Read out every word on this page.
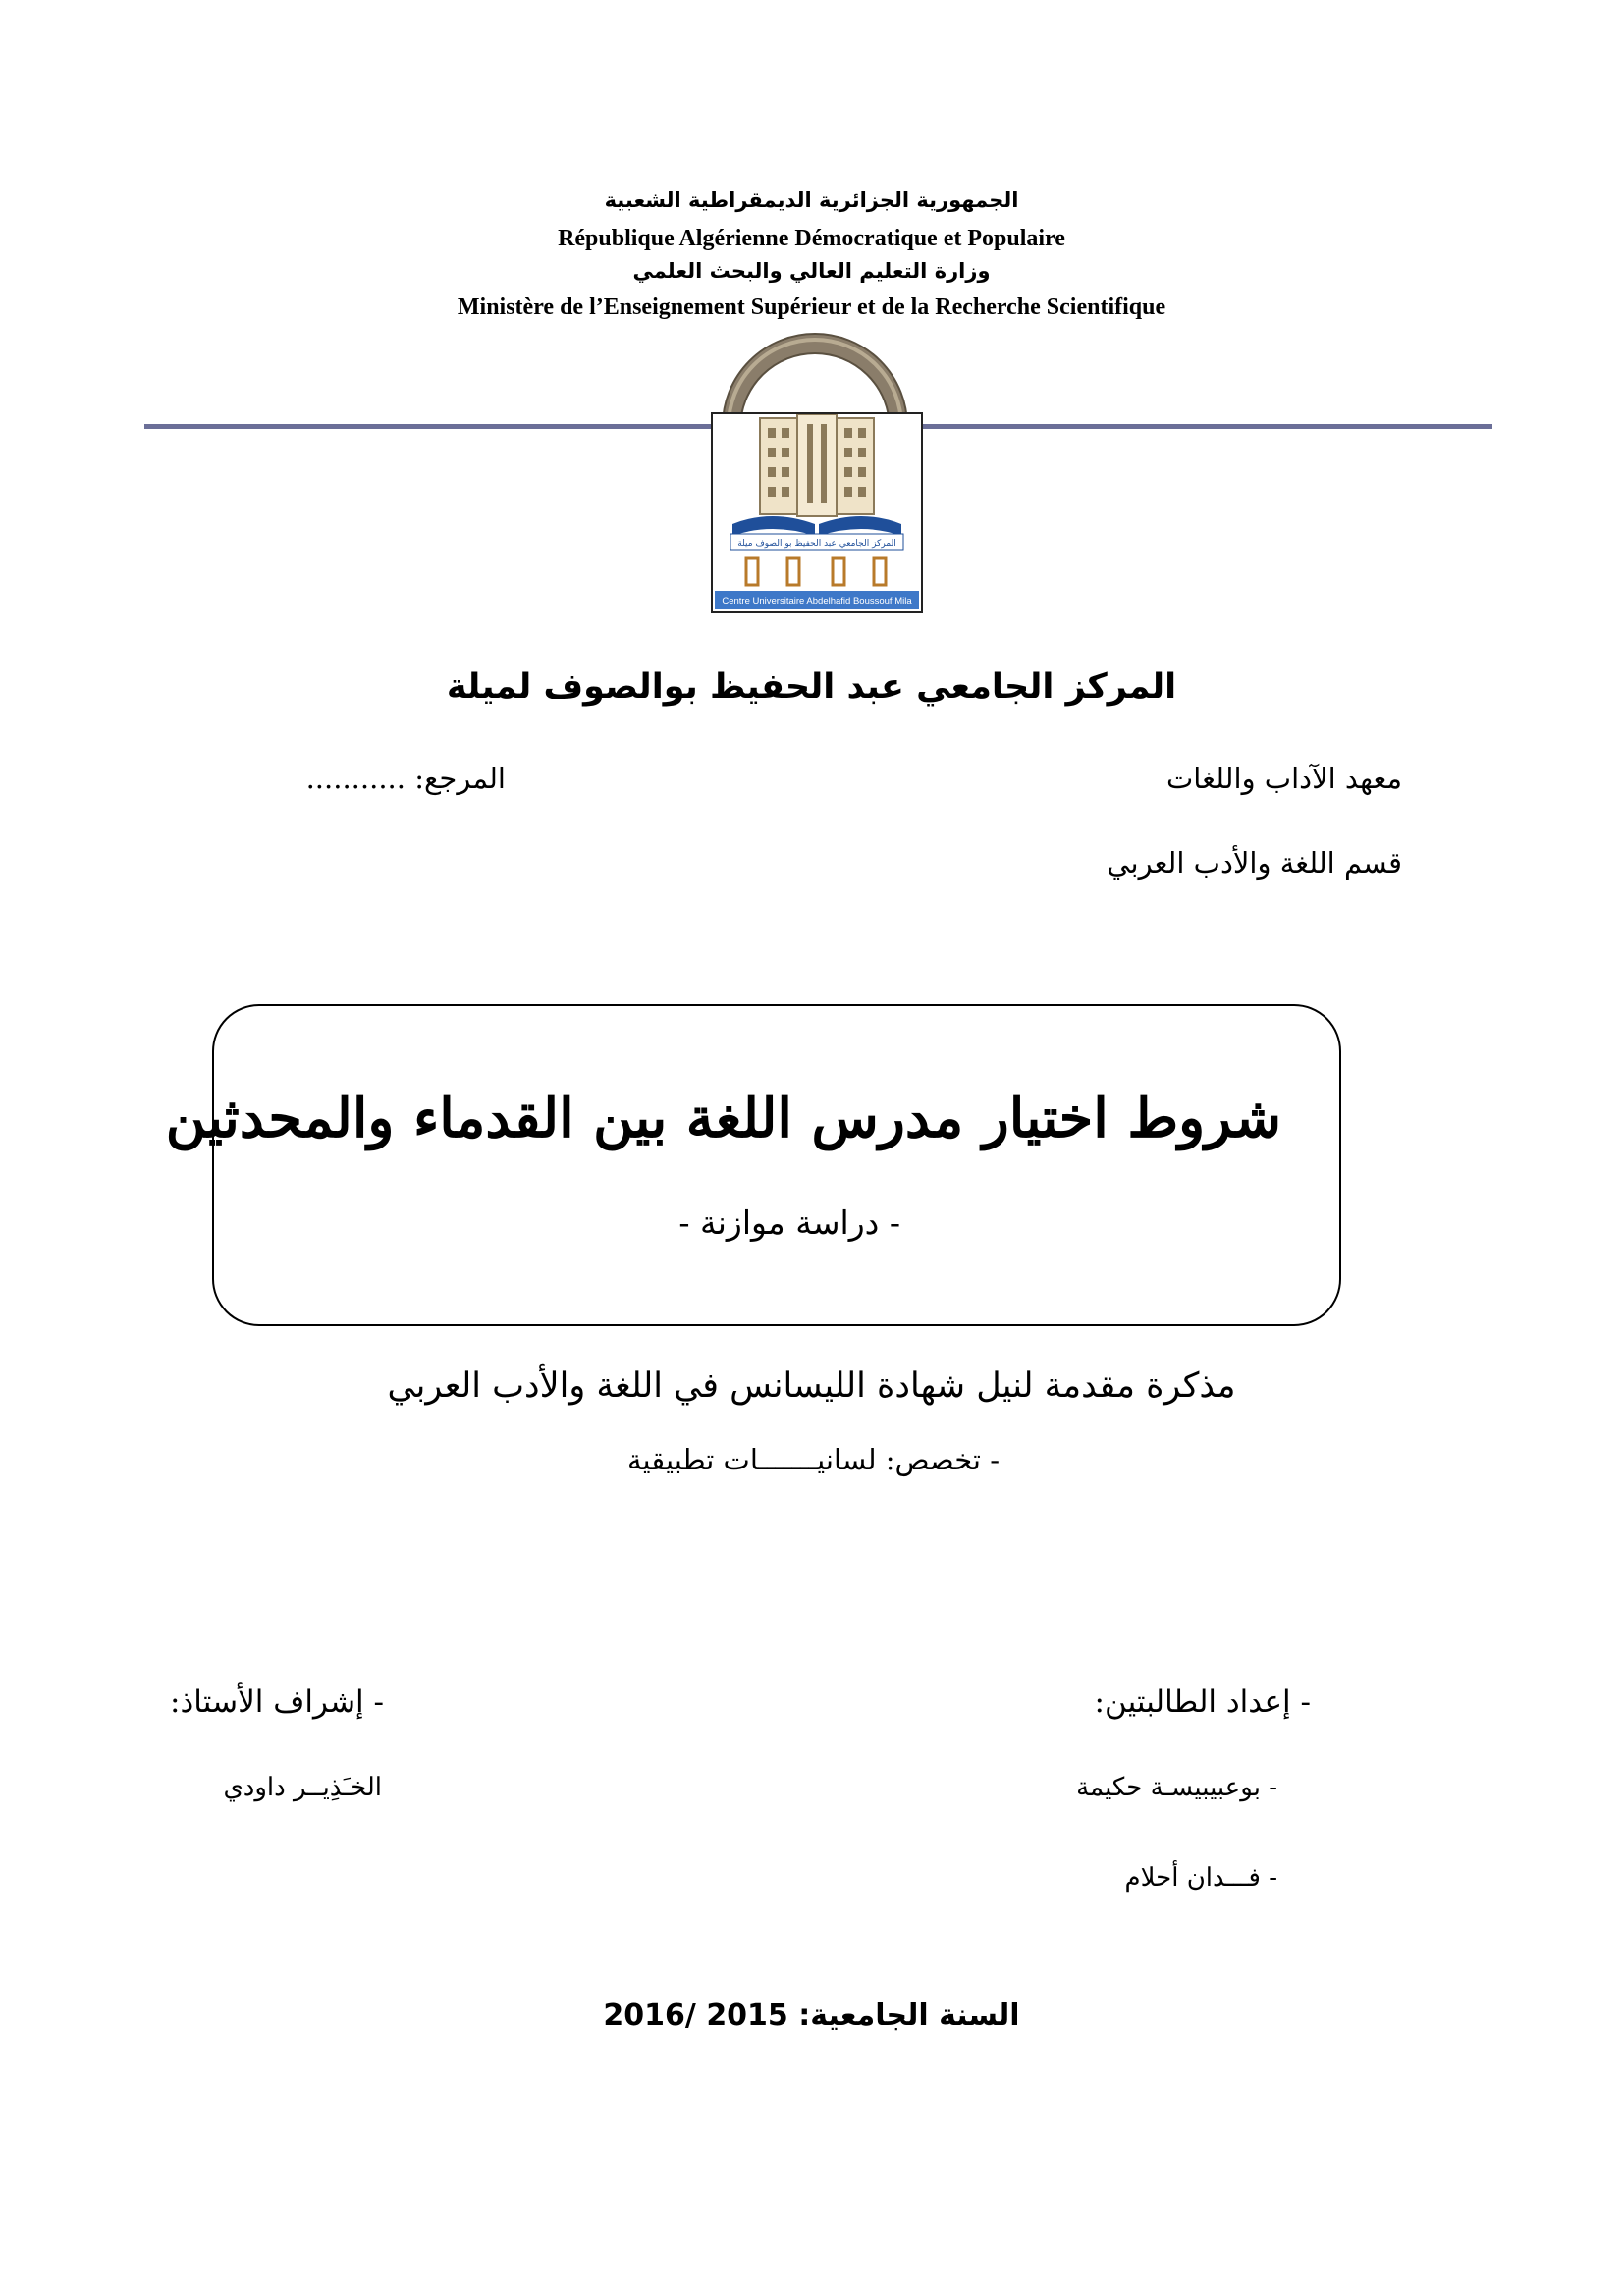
الجمهورية الجزائرية الديمقراطية الشعبية
République Algérienne Démocratique et Populaire
وزارة التعليم العالي والبحث العلمي
Ministère de l’Enseignement Supérieur et de la Recherche Scientifique
المركز الجامعي عبد الحفيظ بو الصوف ميلة
Centre Universitaire Abdelhafid Boussouf Mila
المركز الجامعي عبد الحفيظ بوالصوف لميلة
معهد الآداب واللغات
المرجع: ...........
قسم اللغة والأدب العربي
شروط اختيار مدرس اللغة بين القدماء والمحدثين
- دراسة موازنة -
مذكرة مقدمة لنيل شهادة الليسانس في اللغة والأدب العربي
- تخصص: لسانيـــــــات تطبيقية
- إعداد الطالبتين:
- إشراف الأستاذ:
- بوعبيبيسـة حكيمة
الخـَذِيــر داودي
- فـــدان أحلام
السنة الجامعية: 2015 /2016
